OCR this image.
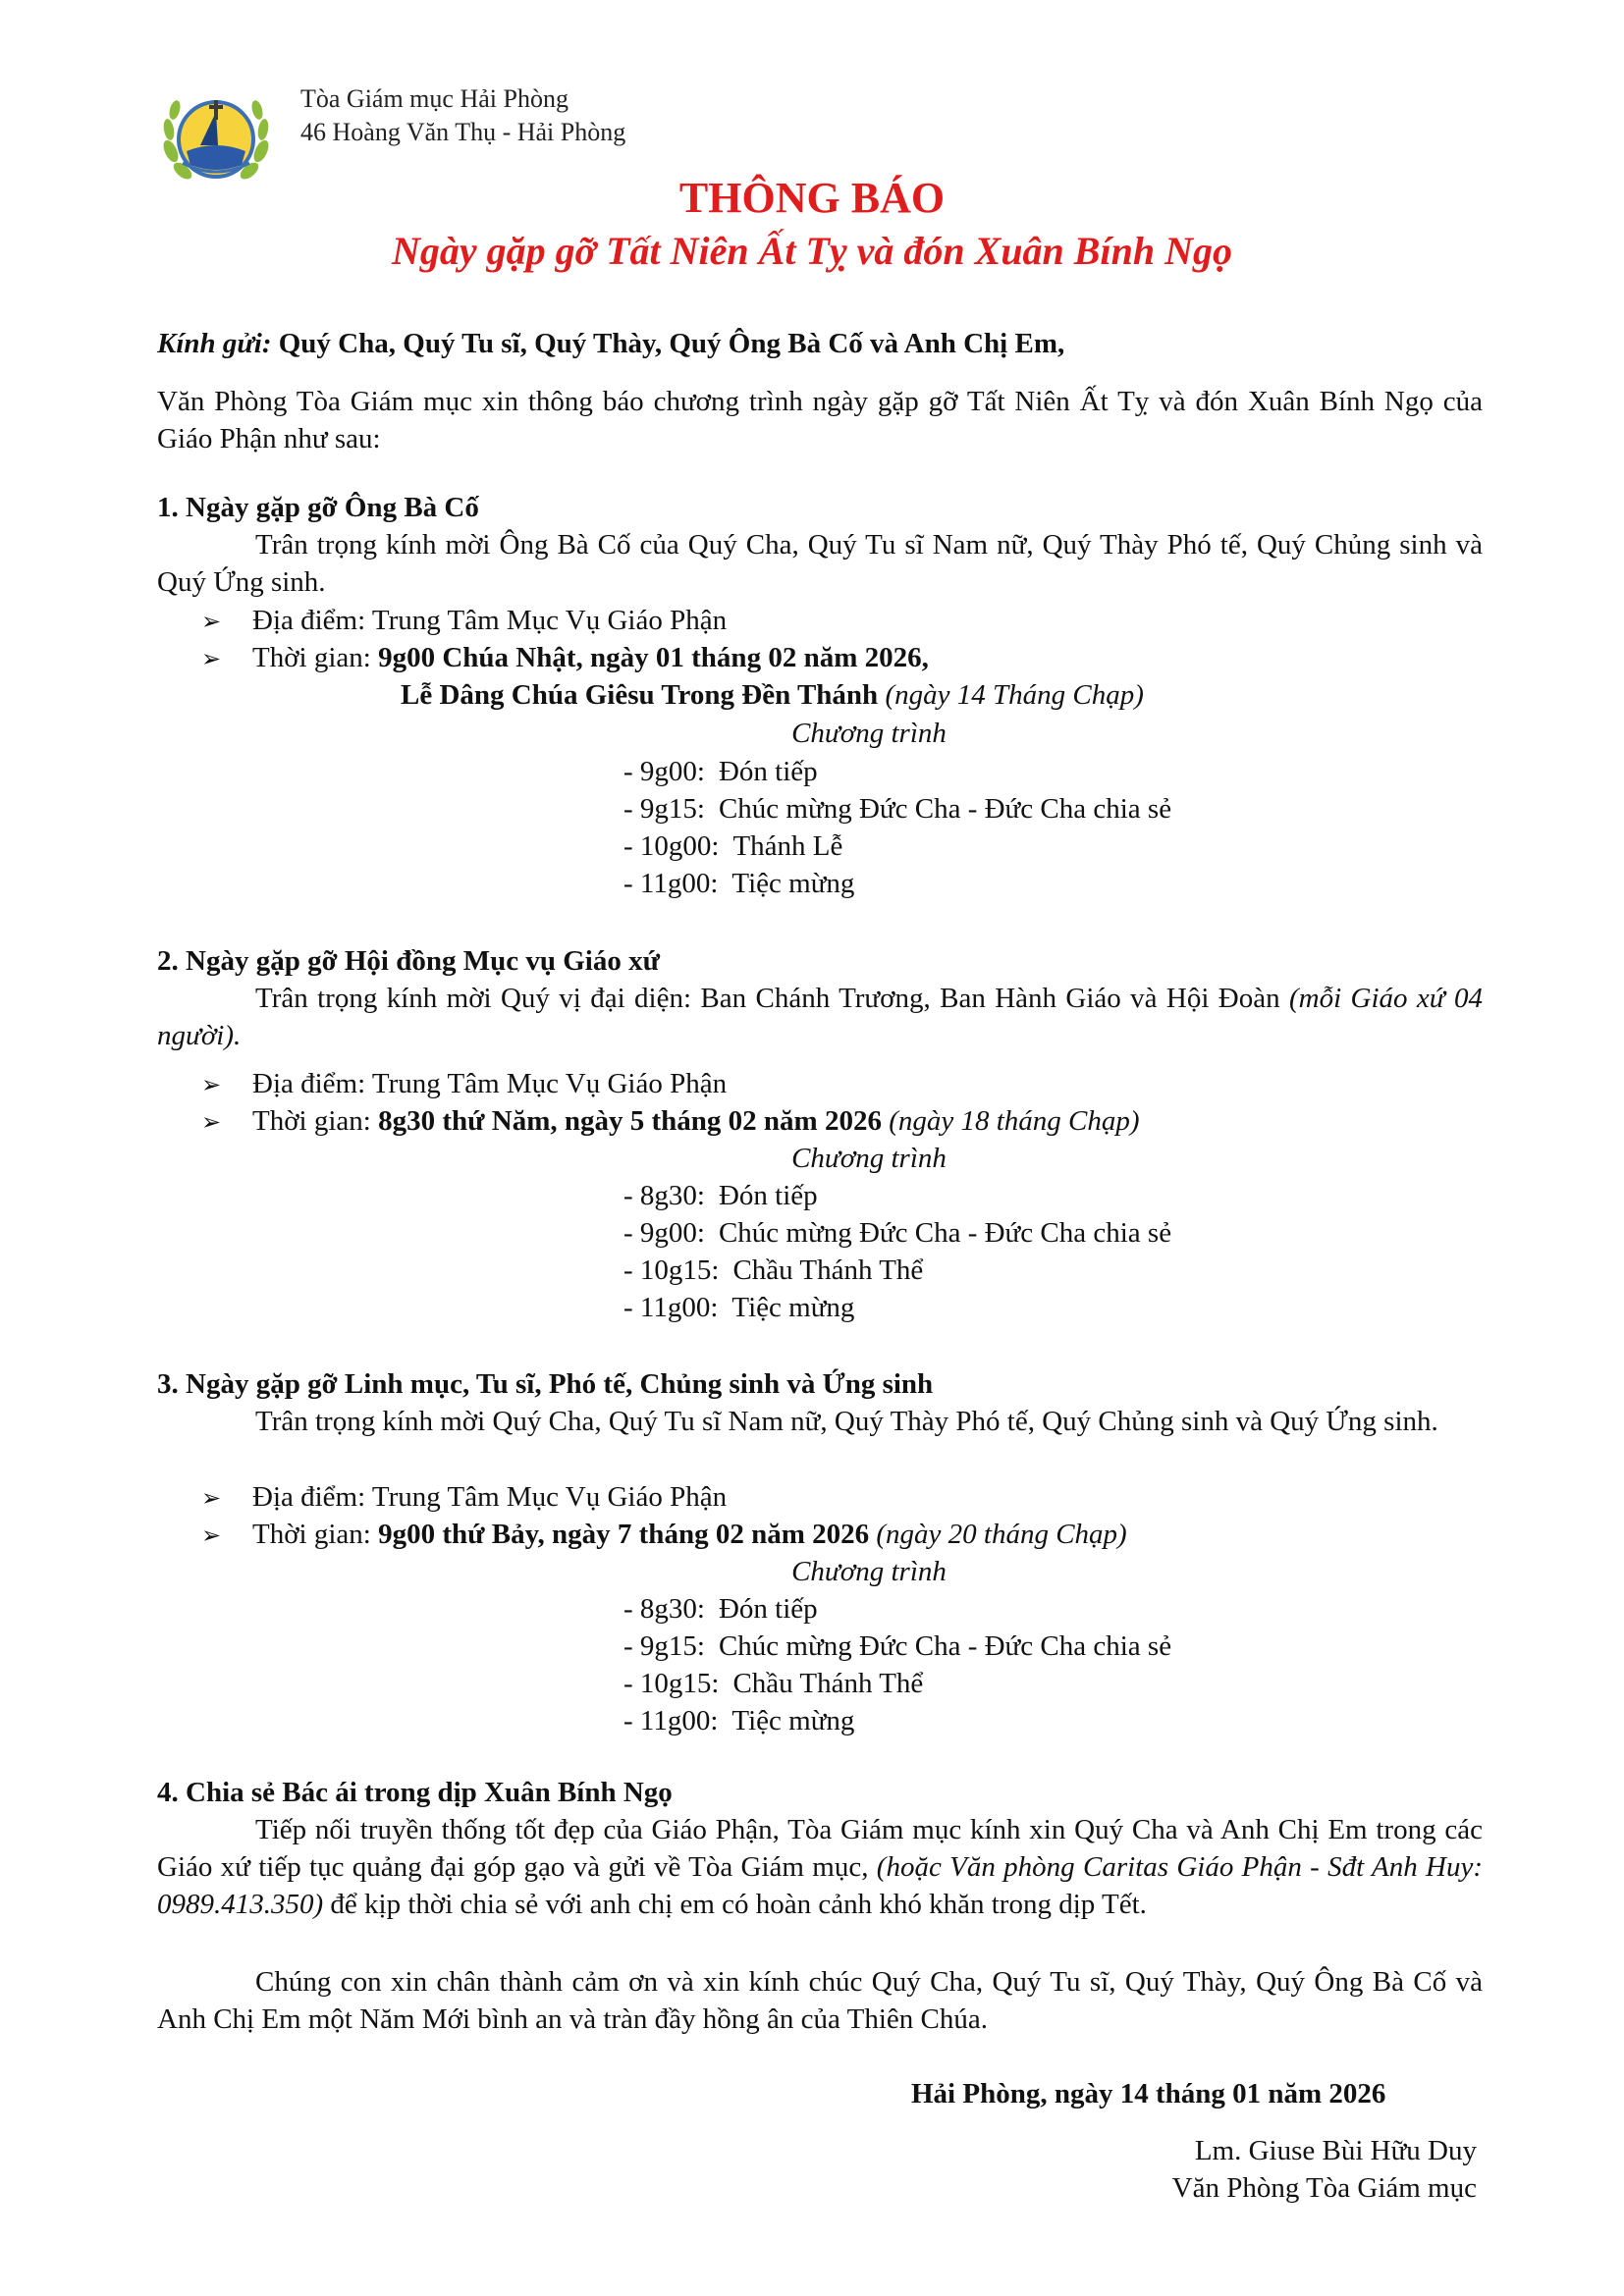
Tòa Giám mục Hải Phòng
46 Hoàng Văn Thụ - Hải Phòng
THÔNG BÁO
Ngày gặp gỡ Tất Niên Ất Tỵ và đón Xuân Bính Ngọ
Kính gửi: Quý Cha, Quý Tu sĩ, Quý Thày, Quý Ông Bà Cố và Anh Chị Em,
Văn Phòng Tòa Giám mục xin thông báo chương trình ngày gặp gỡ Tất Niên Ất Tỵ và đón Xuân Bính Ngọ của Giáo Phận như sau:
1. Ngày gặp gỡ Ông Bà Cố
Trân trọng kính mời Ông Bà Cố của Quý Cha, Quý Tu sĩ Nam nữ, Quý Thày Phó tế, Quý Chủng sinh và Quý Ứng sinh.
➢ Địa điểm: Trung Tâm Mục Vụ Giáo Phận
➢ Thời gian: 9g00 Chúa Nhật, ngày 01 tháng 02 năm 2026,
Lễ Dâng Chúa Giêsu Trong Đền Thánh (ngày 14 Tháng Chạp)
Chương trình
- 9g00: Đón tiếp
- 9g15: Chúc mừng Đức Cha - Đức Cha chia sẻ
- 10g00: Thánh Lễ
- 11g00: Tiệc mừng
2. Ngày gặp gỡ Hội đồng Mục vụ Giáo xứ
Trân trọng kính mời Quý vị đại diện: Ban Chánh Trương, Ban Hành Giáo và Hội Đoàn (mỗi Giáo xứ 04 người).
➢ Địa điểm: Trung Tâm Mục Vụ Giáo Phận
➢ Thời gian: 8g30 thứ Năm, ngày 5 tháng 02 năm 2026 (ngày 18 tháng Chạp)
Chương trình
- 8g30: Đón tiếp
- 9g00: Chúc mừng Đức Cha - Đức Cha chia sẻ
- 10g15: Chầu Thánh Thể
- 11g00: Tiệc mừng
3. Ngày gặp gỡ Linh mục, Tu sĩ, Phó tế, Chủng sinh và Ứng sinh
Trân trọng kính mời Quý Cha, Quý Tu sĩ Nam nữ, Quý Thày Phó tế, Quý Chủng sinh và Quý Ứng sinh.
➢ Địa điểm: Trung Tâm Mục Vụ Giáo Phận
➢ Thời gian: 9g00 thứ Bảy, ngày 7 tháng 02 năm 2026 (ngày 20 tháng Chạp)
Chương trình
- 8g30: Đón tiếp
- 9g15: Chúc mừng Đức Cha - Đức Cha chia sẻ
- 10g15: Chầu Thánh Thể
- 11g00: Tiệc mừng
4. Chia sẻ Bác ái trong dịp Xuân Bính Ngọ
Tiếp nối truyền thống tốt đẹp của Giáo Phận, Tòa Giám mục kính xin Quý Cha và Anh Chị Em trong các Giáo xứ tiếp tục quảng đại góp gạo và gửi về Tòa Giám mục, (hoặc Văn phòng Caritas Giáo Phận - Sđt Anh Huy: 0989.413.350) để kịp thời chia sẻ với anh chị em có hoàn cảnh khó khăn trong dịp Tết.
Chúng con xin chân thành cảm ơn và xin kính chúc Quý Cha, Quý Tu sĩ, Quý Thày, Quý Ông Bà Cố và Anh Chị Em một Năm Mới bình an và tràn đầy hồng ân của Thiên Chúa.
Hải Phòng, ngày 14 tháng 01 năm 2026
Lm. Giuse Bùi Hữu Duy
Văn Phòng Tòa Giám mục
